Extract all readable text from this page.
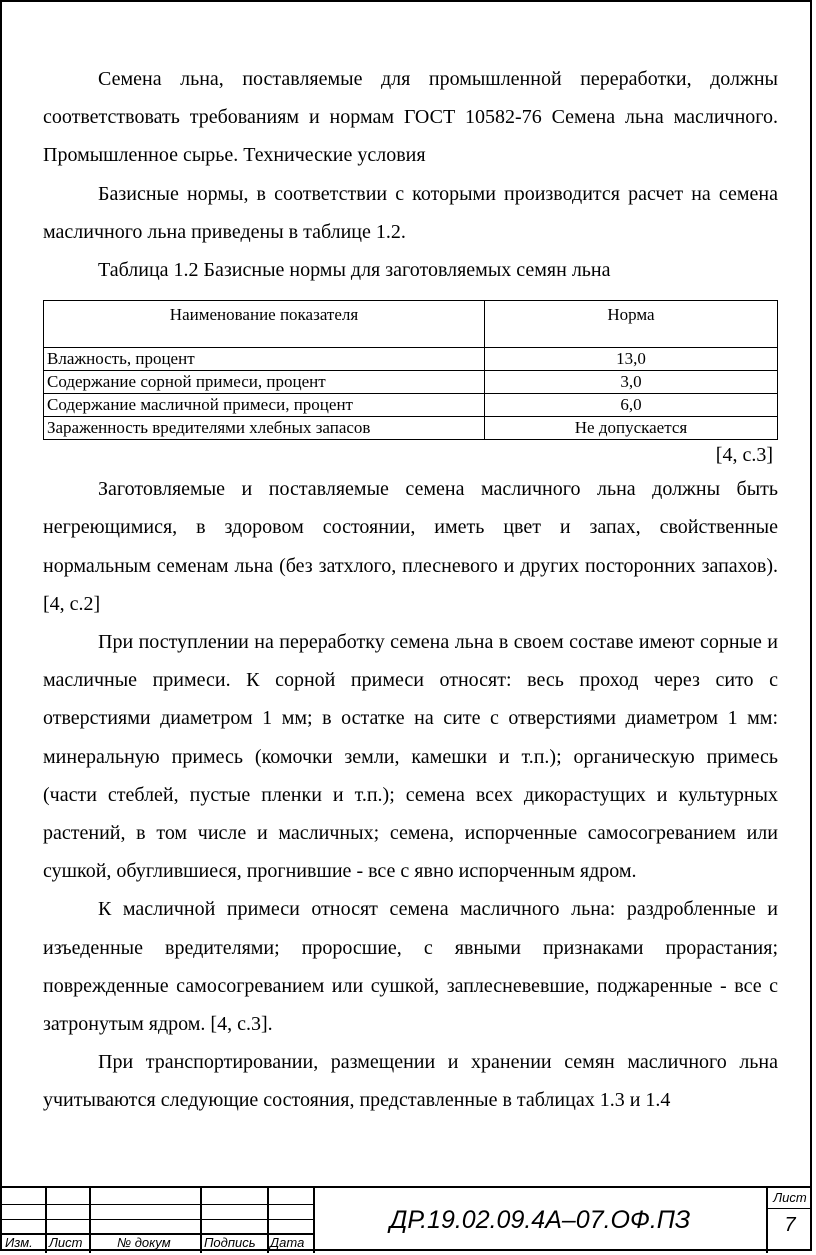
Семена льна, поставляемые для промышленной переработки, должны соответствовать требованиям и нормам ГОСТ 10582-76 Семена льна масличного. Промышленное сырье. Технические условия

Базисные нормы, в соответствии с которыми производится расчет на семена масличного льна приведены в таблице 1.2.

Таблица 1.2 Базисные нормы для заготовляемых семян льна
Наименование показателя	Норма
Влажность, процент	13,0
Содержание сорной примеси, процент	3,0
Содержание масличной примеси, процент	6,0
Зараженность вредителями хлебных запасов	Не допускается
[4, с.3]

Заготовляемые и поставляемые семена масличного льна должны быть негреющимися, в здоровом состоянии, иметь цвет и запах, свойственные нормальным семенам льна (без затхлого, плесневого и других посторонних запахов). [4, с.2]

При поступлении на переработку семена льна в своем составе имеют сорные и масличные примеси. К сорной примеси относят: весь проход через сито с отверстиями диаметром 1 мм; в остатке на сите с отверстиями диаметром 1 мм: минеральную примесь (комочки земли, камешки и т.п.); органическую примесь (части стеблей, пустые пленки и т.п.); семена всех дикорастущих и культурных растений, в том числе и масличных; семена, испорченные самосогреванием или сушкой, обуглившиеся, прогнившие - все с явно испорченным ядром.

К масличной примеси относят семена масличного льна: раздробленные и изъеденные вредителями; проросшие, с явными признаками прорастания; поврежденные самосогреванием или сушкой, заплесневевшие, поджаренные - все с затронутым ядром. [4, с.3].

При транспортировании, размещении и хранении семян масличного льна учитываются следующие состояния, представленные в таблицах 1.3 и 1.4

Изм. Лист	№ докум	Подпись Дата
ДР.19.02.09.4А–07.ОФ.ПЗ
Лист
7
